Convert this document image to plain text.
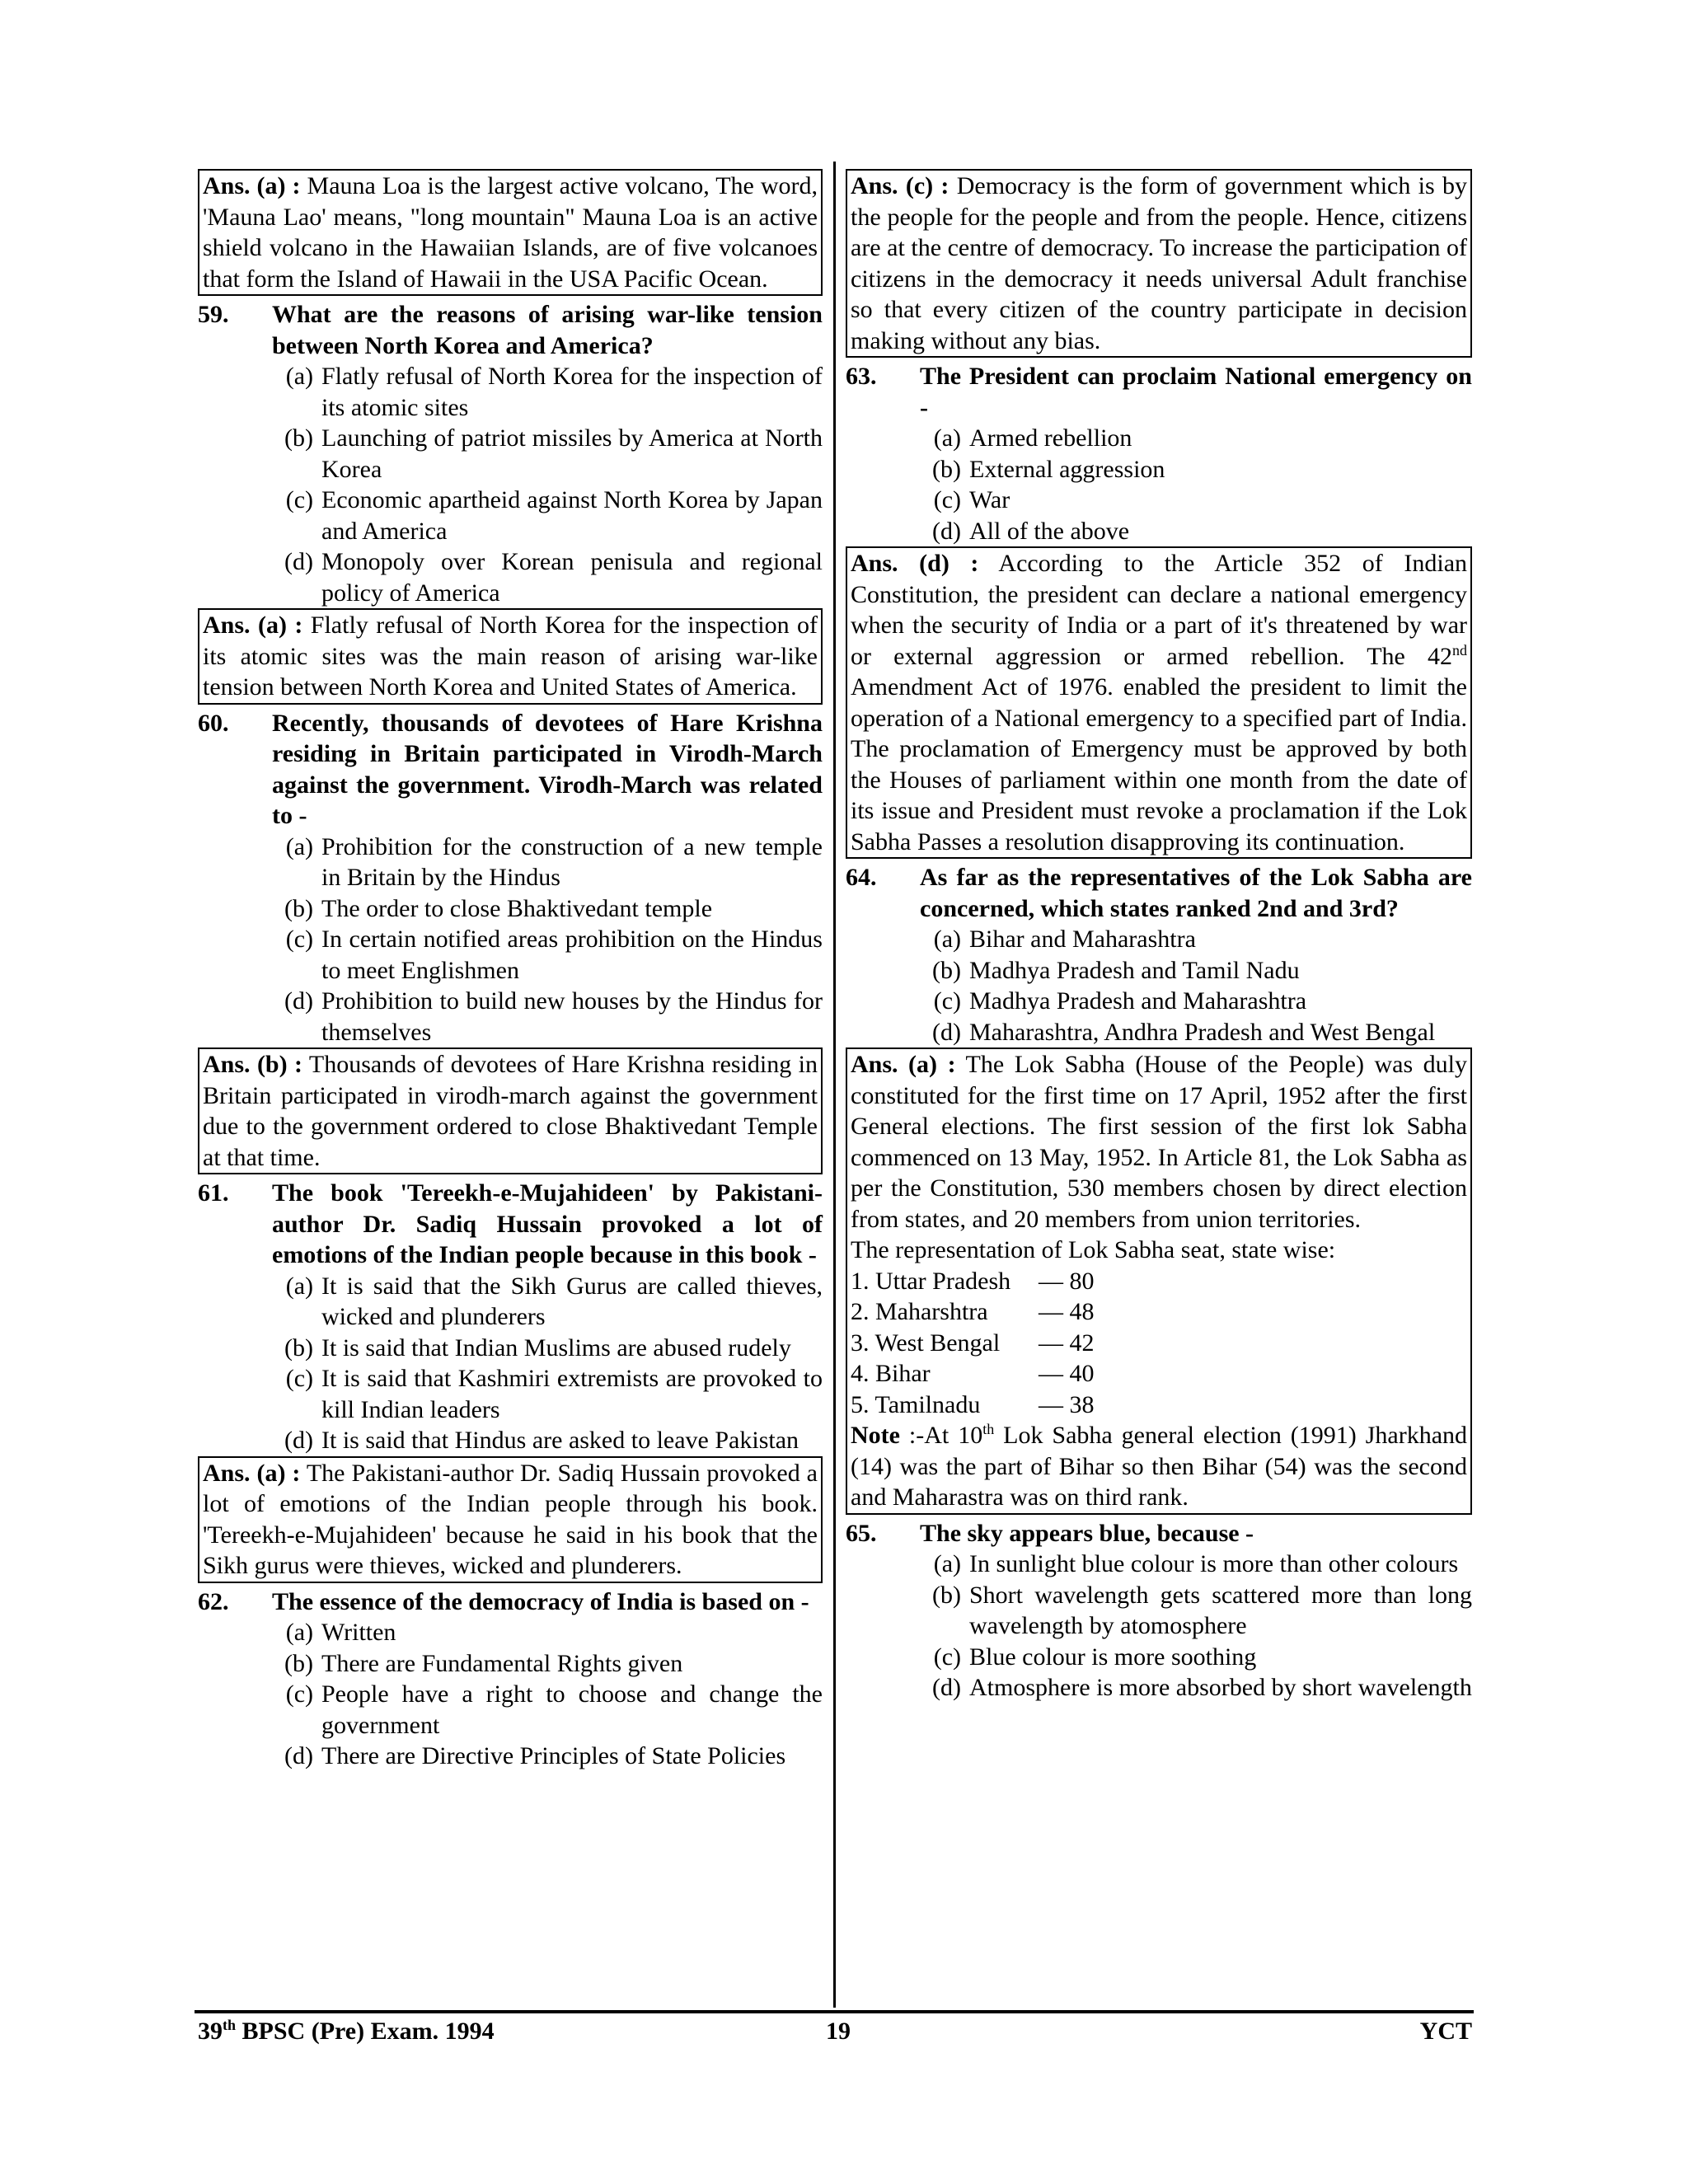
Ans. (a) : Mauna Loa is the largest active volcano, The word, 'Mauna Lao' means, "long mountain" Mauna Loa is an active shield volcano in the Hawaiian Islands, are of five volcanoes that form the Island of Hawaii in the USA Pacific Ocean.
59.	What are the reasons of arising war-like tension between North Korea and America?
(a) Flatly refusal of North Korea for the inspection of its atomic sites
(b) Launching of patriot missiles by America at North Korea
(c) Economic apartheid against North Korea by Japan and America
(d) Monopoly over Korean penisula and regional policy of America
Ans. (a) : Flatly refusal of North Korea for the inspection of its atomic sites was the main reason of arising war-like tension between North Korea and United States of America.
60.	Recently, thousands of devotees of Hare Krishna residing in Britain participated in Virodh-March against the government. Virodh-March was related to -
(a) Prohibition for the construction of a new temple in Britain by the Hindus
(b) The order to close Bhaktivedant temple
(c) In certain notified areas prohibition on the Hindus to meet Englishmen
(d) Prohibition to build new houses by the Hindus for themselves
Ans. (b) : Thousands of devotees of Hare Krishna residing in Britain participated in virodh-march against the government due to the government ordered to close Bhaktivedant Temple at that time.
61.	The book 'Tereekh-e-Mujahideen' by Pakistani-author Dr. Sadiq Hussain provoked a lot of emotions of the Indian people because in this book -
(a) It is said that the Sikh Gurus are called thieves, wicked and plunderers
(b) It is said that Indian Muslims are abused rudely
(c) It is said that Kashmiri extremists are provoked to kill Indian leaders
(d) It is said that Hindus are asked to leave Pakistan
Ans. (a) : The Pakistani-author Dr. Sadiq Hussain provoked a lot of emotions of the Indian people through his book. 'Tereekh-e-Mujahideen' because he said in his book that the Sikh gurus were thieves, wicked and plunderers.
62.	The essence of the democracy of India is based on -
(a) Written
(b) There are Fundamental Rights given
(c) People have a right to choose and change the government
(d) There are Directive Principles of State Policies
Ans. (c) : Democracy is the form of government which is by the people for the people and from the people. Hence, citizens are at the centre of democracy. To increase the participation of citizens in the democracy it needs universal Adult franchise so that every citizen of the country participate in decision making without any bias.
63.	The President can proclaim National emergency on -
(a) Armed rebellion
(b) External aggression
(c) War
(d) All of the above
Ans. (d) : According to the Article 352 of Indian Constitution, the president can declare a national emergency when the security of India or a part of it's threatened by war or external aggression or armed rebellion. The 42nd Amendment Act of 1976. enabled the president to limit the operation of a National emergency to a specified part of India. The proclamation of Emergency must be approved by both the Houses of parliament within one month from the date of its issue and President must revoke a proclamation if the Lok Sabha Passes a resolution disapproving its continuation.
64.	As far as the representatives of the Lok Sabha are concerned, which states ranked 2nd and 3rd?
(a) Bihar and Maharashtra
(b) Madhya Pradesh and Tamil Nadu
(c) Madhya Pradesh and Maharashtra
(d) Maharashtra, Andhra Pradesh and West Bengal
Ans. (a) : The Lok Sabha (House of the People) was duly constituted for the first time on 17 April, 1952 after the first General elections. The first session of the first lok Sabha commenced on 13 May, 1952. In Article 81, the Lok Sabha as per the Constitution, 530 members chosen by direct election from states, and 20 members from union territories.
The representation of Lok Sabha seat, state wise:
1. Uttar Pradesh	— 80
2. Maharshtra	— 48
3. West Bengal	— 42
4. Bihar	— 40
5. Tamilnadu	— 38
Note :-At 10th Lok Sabha general election (1991) Jharkhand (14) was the part of Bihar so then Bihar (54) was the second and Maharastra was on third rank.
65.	The sky appears blue, because -
(a) In sunlight blue colour is more than other colours
(b) Short wavelength gets scattered more than long wavelength by atomosphere
(c) Blue colour is more soothing
(d) Atmosphere is more absorbed by short wavelength
39th BPSC (Pre) Exam. 1994	19	YCT
